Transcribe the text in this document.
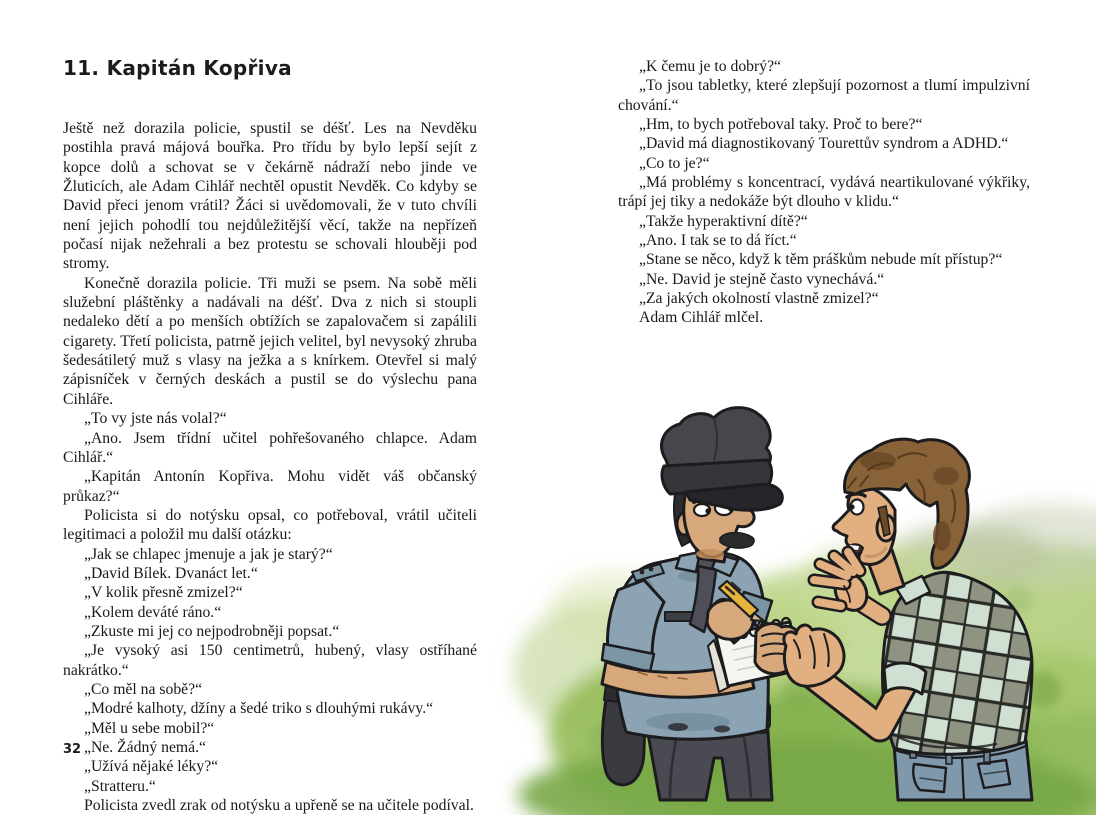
11. Kapitán Kopřiva

Ještě než dorazila policie, spustil se déšť. Les na Nevděku postihla pravá májová bouřka. Pro třídu by bylo lepší sejít z kopce dolů a schovat se v čekárně nádraží nebo jinde ve Žluticích, ale Adam Cihlář nechtěl opustit Nevděk. Co kdyby se David přeci jenom vrátil? Žáci si uvědomovali, že v tuto chvíli není jejich pohodlí tou nejdůležitější věcí, takže na nepřízeň počasí nijak nežehrali a bez protestu se schovali hlouběji pod stromy.

Konečně dorazila policie. Tři muži se psem. Na sobě měli služební pláštěnky a nadávali na déšť. Dva z nich si stoupli nedaleko dětí a po menších obtížích se zapalovačem si zapálili cigarety. Třetí policista, patrně jejich velitel, byl nevysoký zhruba šedesátiletý muž s vlasy na ježka a s knírkem. Otevřel si malý zápisníček v černých deskách a pustil se do výslechu pana Cihláře.

„To vy jste nás volal?“

„Ano. Jsem třídní učitel pohřešovaného chlapce. Adam Cihlář.“

„Kapitán Antonín Kopřiva. Mohu vidět váš občanský průkaz?“

Policista si do notýsku opsal, co potřeboval, vrátil učiteli legitimaci a položil mu další otázku:

„Jak se chlapec jmenuje a jak je starý?“

„David Bílek. Dvanáct let.“

„V kolik přesně zmizel?“

„Kolem deváté ráno.“

„Zkuste mi jej co nejpodrobněji popsat.“

„Je vysoký asi 150 centimetrů, hubený, vlasy ostříhané nakrátko.“

„Co měl na sobě?“

„Modré kalhoty, džíny a šedé triko s dlouhými rukávy.“

„Měl u sebe mobil?“

„Ne. Žádný nemá.“

„Užívá nějaké léky?“

„Stratteru.“

Policista zvedl zrak od notýsku a upřeně se na učitele podíval.

32

„K čemu je to dobrý?“

„To jsou tabletky, které zlepšují pozornost a tlumí impulzivní chování.“

„Hm, to bych potřeboval taky. Proč to bere?“

„David má diagnostikovaný Tourettův syndrom a ADHD.“

„Co to je?“

„Má problémy s koncentrací, vydává neartikulované výkřiky, trápí jej tiky a nedokáže být dlouho v klidu.“

„Takže hyperaktivní dítě?“

„Ano. I tak se to dá říct.“

„Stane se něco, když k těm práškům nebude mít přístup?“

„Ne. David je stejně často vynechává.“

„Za jakých okolností vlastně zmizel?“

Adam Cihlář mlčel.
